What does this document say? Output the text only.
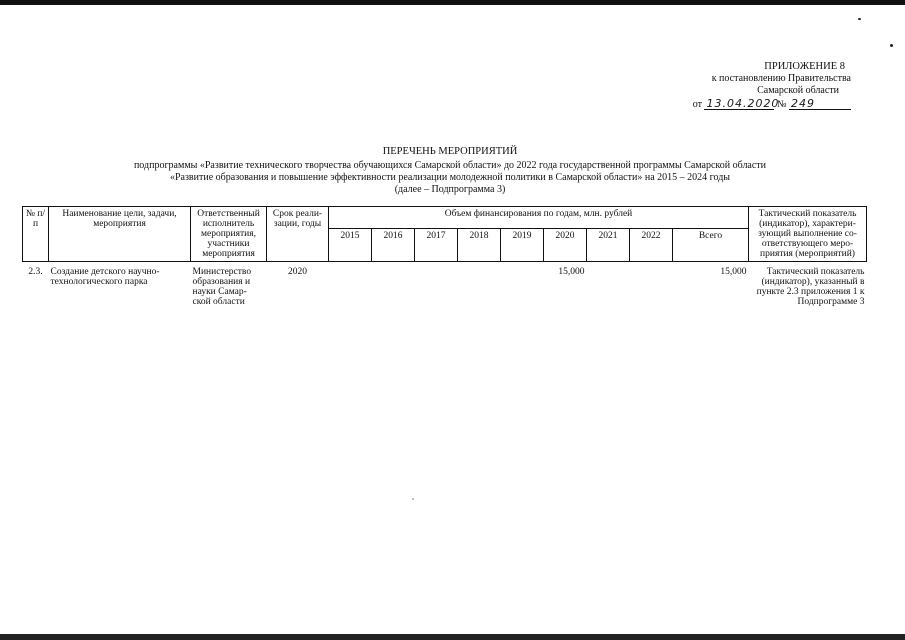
ПРИЛОЖЕНИЕ 8
к постановлению Правительства
Самарской области
от 13.04.2020 № 249
ПЕРЕЧЕНЬ МЕРОПРИЯТИЙ
подпрограммы «Развитие технического творчества обучающихся Самарской области» до 2022 года государственной программы Самарской области
«Развитие образования и повышение эффективности реализации молодежной политики в Самарской области» на 2015 – 2024 годы
(далее – Подпрограмма 3)
№ п/п	Наименование цели, задачи, мероприятия	Ответственный исполнитель мероприятия, участники мероприятия	Срок реали-зации, годы	Объем финансирования по годам, млн. рублей									Тактический показатель (индикатор), характери-зующий выполнение со-ответствующего меро-приятия (мероприятий)
				2015	2016	2017	2018	2019	2020	2021	2022	Всего	
2.3.	Создание детского научно-технологического парка	Министерство образования и науки Самар-ской области	2020						15,000			15,000	Тактический показатель (индикатор), указанный в пункте 2.3 приложения 1 к Подпрограмме 3
